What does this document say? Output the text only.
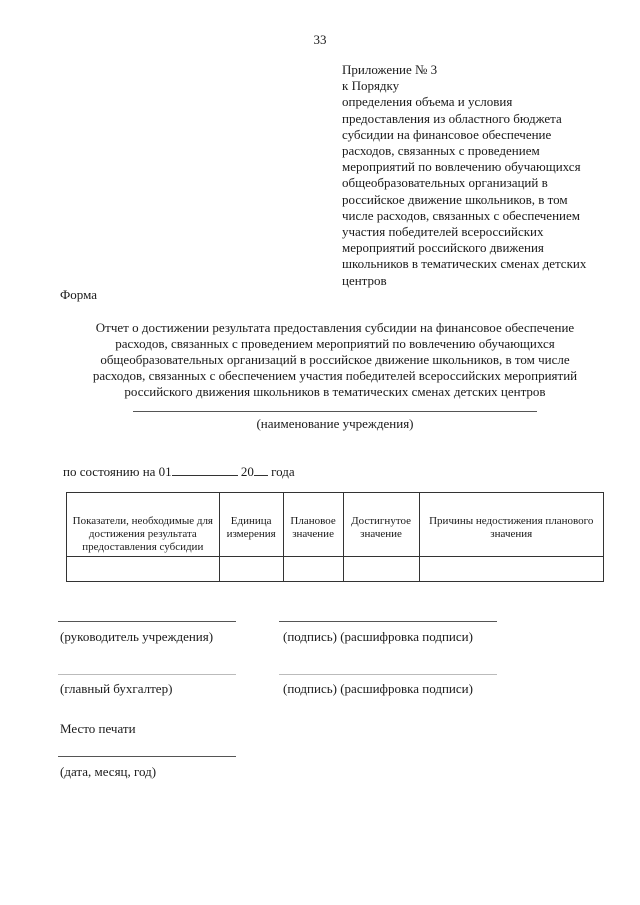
33
Приложение № 3
к Порядку
определения объема и условия
предоставления из областного бюджета
субсидии на финансовое обеспечение
расходов, связанных с проведением
мероприятий по вовлечению обучающихся
общеобразовательных организаций в
российское движение школьников, в том
числе расходов, связанных с обеспечением
участия победителей всероссийских
мероприятий российского движения
школьников в тематических сменах детских
центров
Форма
Отчет о достижении результата предоставления субсидии на финансовое обеспечение
расходов, связанных с проведением мероприятий по вовлечению обучающихся
общеобразовательных организаций в российское движение школьников, в том числе
расходов, связанных с обеспечением участия победителей всероссийских мероприятий
российского движения школьников в тематических сменах детских центров
(наименование учреждения)
по состоянию на 01	20 года
Показатели, необходимые для достижения результата предоставления субсидии	Единица измерения	Плановое значение	Достигнутое значение	Причины недостижения планового значения

(руководитель учреждения)	(подпись) (расшифровка подписи)
(главный бухгалтер)	(подпись) (расшифровка подписи)
Место печати
(дата, месяц, год)
